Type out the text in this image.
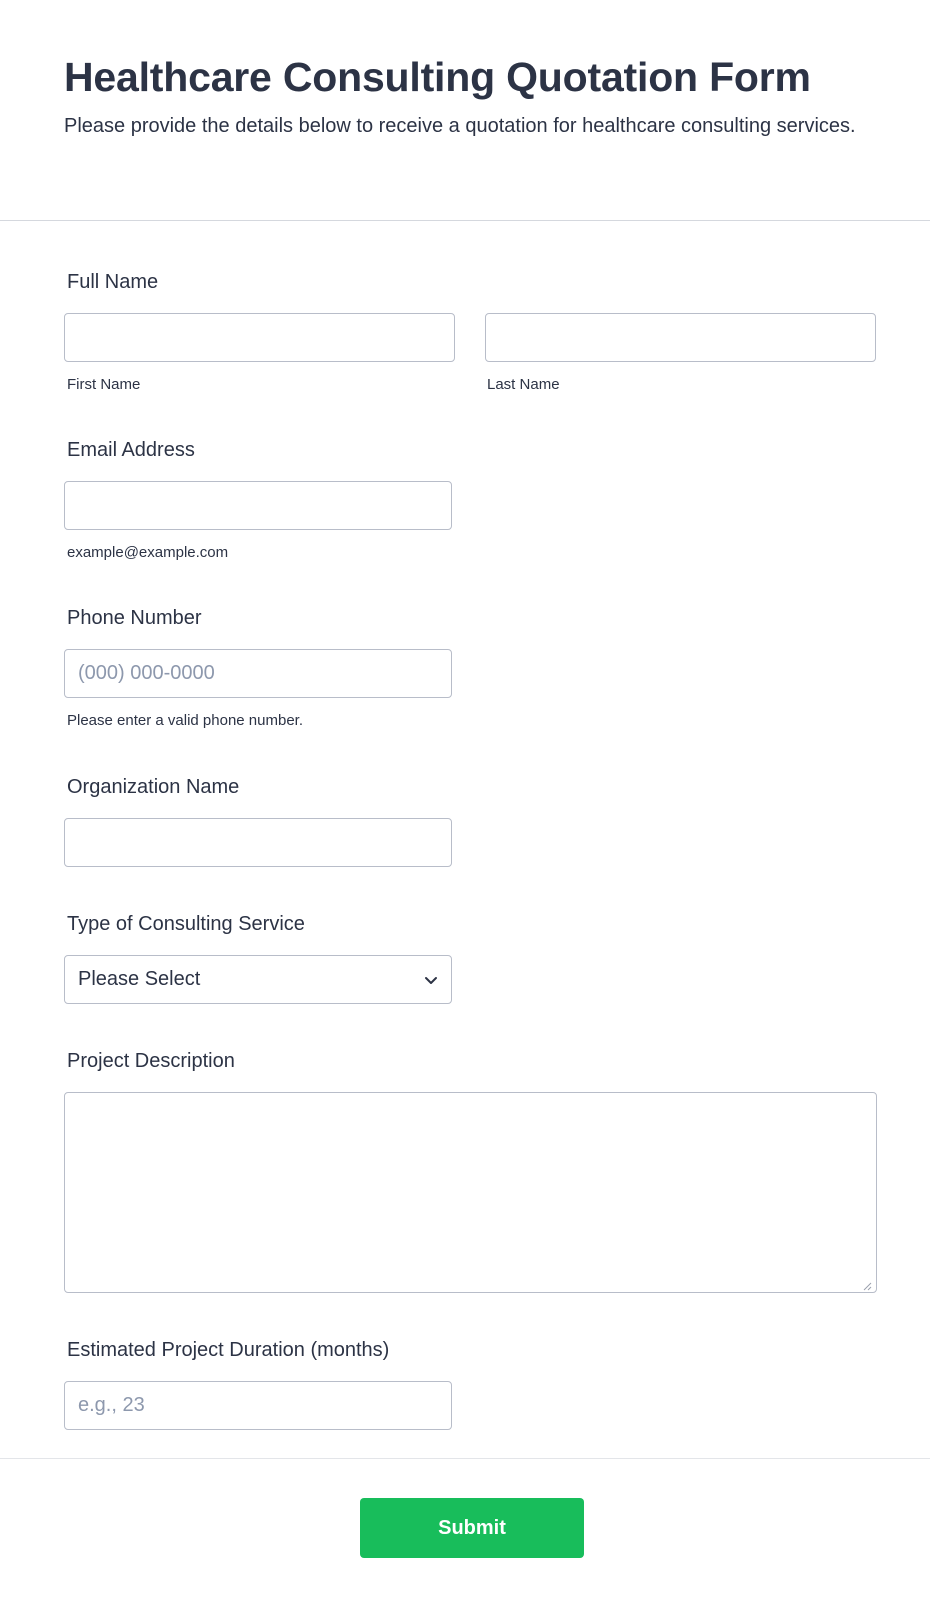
Healthcare Consulting Quotation Form

Please provide the details below to receive a quotation for healthcare consulting services.

Full Name
First Name	Last Name
Email Address
example@example.com
Phone Number
(000) 000-0000
Please enter a valid phone number.
Organization Name
Type of Consulting Service
Please Select
Project Description
Estimated Project Duration (months)
e.g., 23
Submit
